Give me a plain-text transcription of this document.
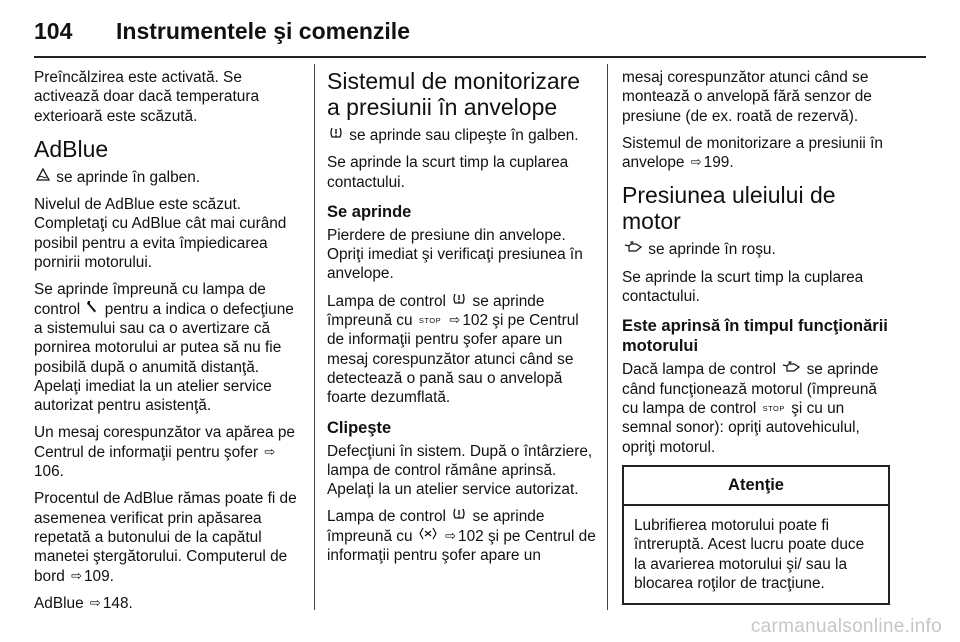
104 Instrumentele şi comenzile

Preîncălzirea este activată. Se activează doar dacă temperatura exterioară este scăzută.

AdBlue

se aprinde în galben.

Nivelul de AdBlue este scăzut. Completaţi cu AdBlue cât mai curând posibil pentru a evita împiedicarea pornirii motorului.

Se aprinde împreună cu lampa de control pentru a indica o defecţiune a sistemului sau ca o avertizare că pornirea motorului ar putea să nu fie posibilă după o anumită distanţă. Apelaţi imediat la un atelier service autorizat pentru asistenţă.

Un mesaj corespunzător va apărea pe Centrul de informaţii pentru şofer ⇨106.

Procentul de AdBlue rămas poate fi de asemenea verificat prin apăsarea repetată a butonului de la capătul manetei ştergătorului. Computerul de bord ⇨ 109.

AdBlue ⇨ 148.

Sistemul de monitorizare a presiunii în anvelope

se aprinde sau clipeşte în galben.

Se aprinde la scurt timp la cuplarea contactului.

Se aprinde

Pierdere de presiune din anvelope. Opriţi imediat şi verificaţi presiunea în anvelope.

Lampa de control se aprinde împreună cu STOP ⇨ 102 şi pe Centrul de informaţii pentru şofer apare un mesaj corespunzător atunci când se detectează o pană sau o anvelopă foarte dezumflată.

Clipeşte

Defecţiuni în sistem. După o întârziere, lampa de control rămâne aprinsă. Apelaţi la un atelier service autorizat.

Lampa de control se aprinde împreună cu	⇨ 102 şi pe Centrul de informaţii pentru şofer apare un

mesaj corespunzător atunci când se montează o anvelopă fără senzor de presiune (de ex. roată de rezervă).

Sistemul de monitorizare a presiunii în anvelope ⇨ 199.

Presiunea uleiului de motor

se aprinde în roşu.

Se aprinde la scurt timp la cuplarea contactului.

Este aprinsă în timpul funcţionării motorului

Dacă lampa de control se aprinde când funcţionează motorul (împreună cu lampa de control STOP şi cu un semnal sonor): opriţi autovehiculul, opriţi motorul.

Atenţie
Lubrifierea motorului poate fi întreruptă. Acest lucru poate duce la avarierea motorului şi/ sau la blocarea roţilor de tracţiune.
carmanualsonline.info
